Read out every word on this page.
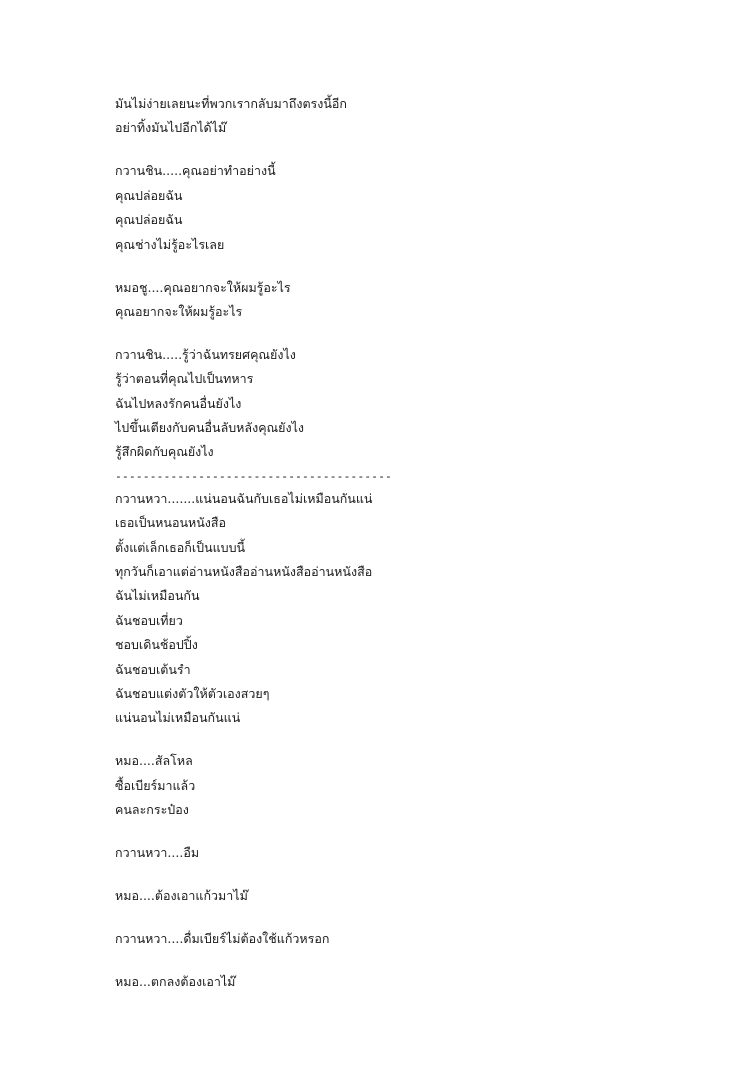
มันไม่ง่ายเลยนะที่พวกเรากลับมาถึงตรงนี้อีก
อย่าทิ้งมันไปอีกได้ไม๊
กวานชิน.....คุณอย่าทำอย่างนี้
คุณปล่อยฉัน
คุณปล่อยฉัน
คุณช่างไม่รู้อะไรเลย
หมอชู....คุณอยากจะให้ผมรู้อะไร
คุณอยากจะให้ผมรู้อะไร
กวานชิน.....รู้ว่าฉันทรยศคุณยังไง
รู้ว่าตอนที่คุณไปเป็นทหาร
ฉันไปหลงรักคนอื่นยังไง
ไปขึ้นเตียงกับคนอื่นลับหลังคุณยังไง
รู้สึกผิดกับคุณยังไง
----------------------------------------
กวานหวา.......แน่นอนฉันกับเธอไม่เหมือนกันแน่
เธอเป็นหนอนหนังสือ
ตั้งแต่เล็กเธอก็เป็นแบบนี้
ทุกวันก็เอาแต่อ่านหนังสืออ่านหนังสืออ่านหนังสือ
ฉันไม่เหมือนกัน
ฉันชอบเที่ยว
ชอบเดินช้อปปิ้ง
ฉันชอบเต้นรำ
ฉันชอบแต่งตัวให้ตัวเองสวยๆ
แน่นอนไม่เหมือนกันแน่
หมอ....สัลโหล
ซื้อเบียร์มาแล้ว
คนละกระป๋อง
กวานหวา....อืม
หมอ....ต้องเอาแก้วมาไม๊
กวานหวา....ดื่มเบียร์ไม่ต้องใช้แก้วหรอก
หมอ...ตกลงต้องเอาไม๊
